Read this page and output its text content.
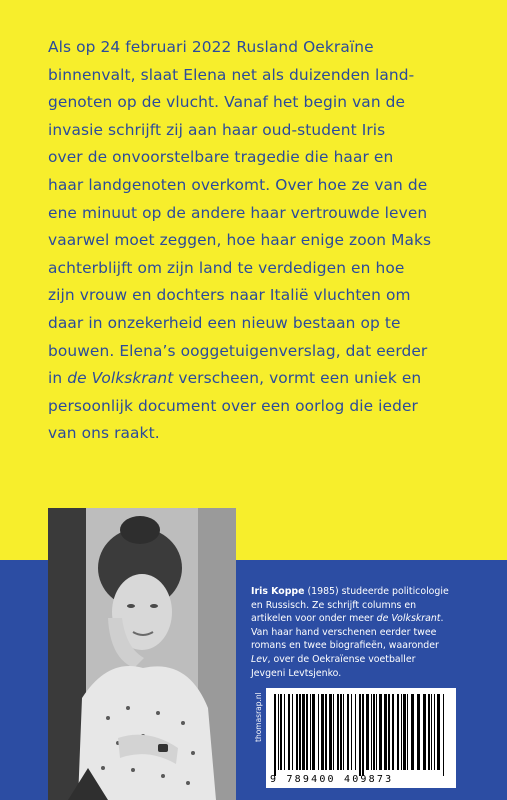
Als op 24 februari 2022 Rusland Oekraïne
binnenvalt, slaat Elena net als duizenden land-
genoten op de vlucht. Vanaf het begin van de
invasie schrijft zij aan haar oud-student Iris
over de onvoorstelbare tragedie die haar en
haar landgenoten overkomt. Over hoe ze van de
ene minuut op de andere haar vertrouwde leven
vaarwel moet zeggen, hoe haar enige zoon Maks
achterblijft om zijn land te verdedigen en hoe
zijn vrouw en dochters naar Italië vluchten om
daar in onzekerheid een nieuw bestaan op te
bouwen. Elena’s ooggetuigenverslag, dat eerder
in de Volkskrant verscheen, vormt een uniek en
persoonlijk document over een oorlog die ieder
van ons raakt.
Iris Koppe (1985) studeerde politicologie
en Russisch. Ze schrijft columns en
artikelen voor onder meer de Volkskrant.
Van haar hand verschenen eerder twee
romans en twee biografieën, waaronder
Lev, over de Oekraïense voetballer
Jevgeni Levtsjenko.
thomasrap.nl
9 789400 409873
